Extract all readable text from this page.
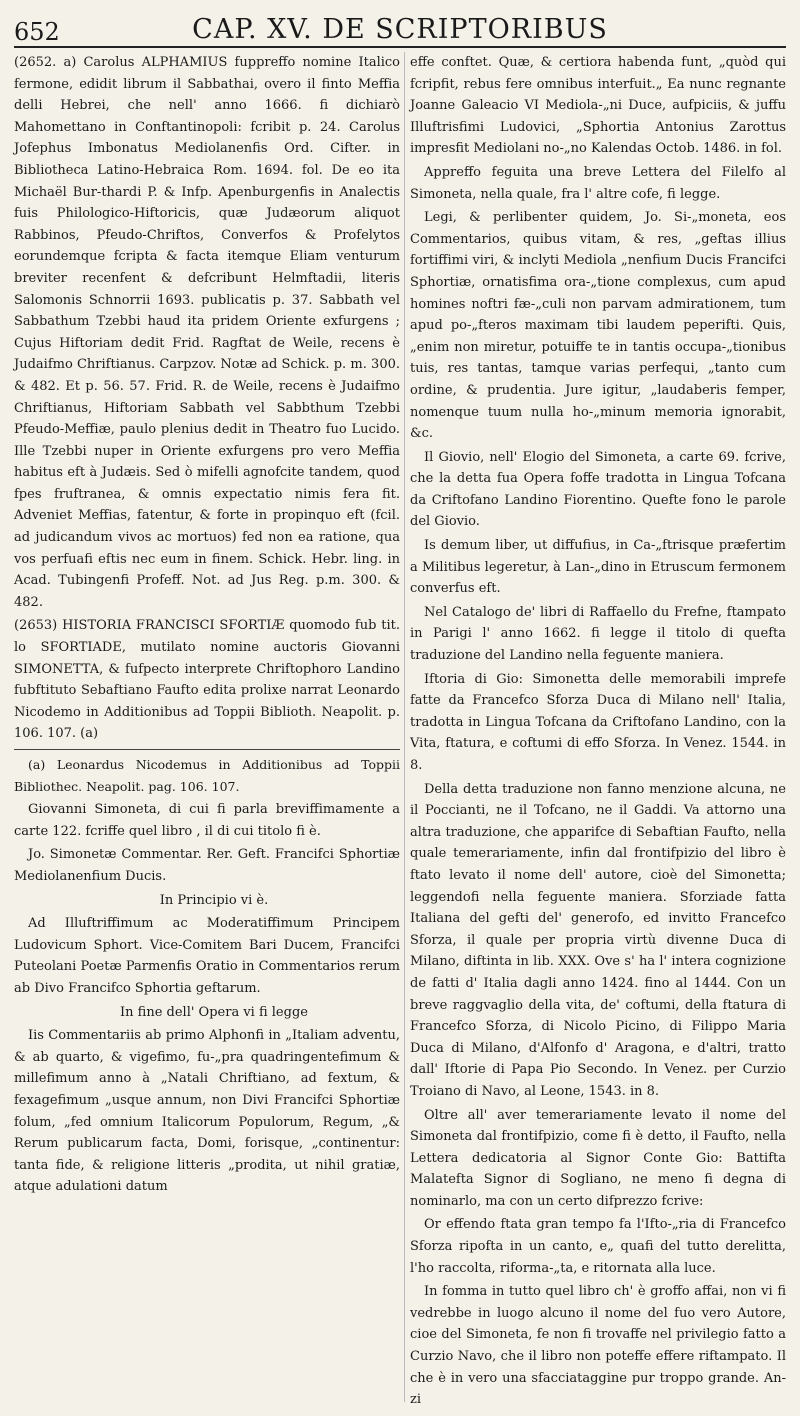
652	CAP. XV. DE SCRIPTORIBUS

(2652. a) Carolus ALPHAMIUS fuppreffo nomine Italico fermone, edidit librum il Sabbathai, overo il finto Meffia delli Hebrei, che nell' anno 1666. fi dichiarò Mahomettano in Conftantinopoli: fcribit p. 24. Carolus Jofephus Imbonatus Mediolanenfis Ord. Cifter. in Bibliotheca Latino-Hebraica Rom. 1694. fol. De eo ita Michaël Bur-thardi P. & Infp. Apenburgenfis in Analectis fuis Philologico-Hiftoricis, quæ Judæorum aliquot Rabbinos, Pfeudo-Chriftos, Converfos & Profelytos eorundemque fcripta & facta itemque Eliam venturum breviter recenfent & defcribunt Helmftadii, literis Salomonis Schnorrii 1693. publicatis p. 37. Sabbath vel Sabbathum Tzebbi haud ita pridem Oriente exfurgens ; Cujus Hiftoriam dedit Frid. Ragftat de Weile, recens è Judaifmo Chriftianus. Carpzov. Notæ ad Schick. p. m. 300. & 482. Et p. 56. 57. Frid. R. de Weile, recens è Judaifmo Chriftianus, Hiftoriam Sabbath vel Sabbthum Tzebbi Pfeudo-Meffiæ, paulo plenius dedit in Theatro fuo Lucido. Ille Tzebbi nuper in Oriente exfurgens pro vero Meffia habitus eft à Judæis. Sed ò mifelli agnofcite tandem, quod fpes fruftranea, & omnis expectatio nimis fera fit. Adveniet Meffias, fatentur, & forte in propinquo eft (fcil. ad judicandum vivos ac mortuos) fed non ea ratione, qua vos perfuafi eftis nec eum in finem. Schick. Hebr. ling. in Acad. Tubingenfi Profeff. Not. ad Jus Reg. p.m. 300. & 482.

(2653) HISTORIA FRANCISCI SFORTIÆ quomodo fub tit. lo SFORTIADE, mutilato nomine auctoris Giovanni SIMONETTA, & fufpecto interprete Chriftophoro Landino fubftituto Sebaftiano Faufto edita prolixe narrat Leonardo Nicodemo in Additionibus ad Toppii Biblioth. Neapolit. p. 106. 107. (a)

(a) Leonardus Nicodemus in Additionibus ad Toppii Bibliothec. Neapolit. pag. 106. 107.

Giovanni Simoneta, di cui fi parla breviffimamente a carte 122. fcriffe quel libro , il di cui titolo fi è.

Jo. Simonetæ Commentar. Rer. Geft. Francifci Sphortiæ Mediolanenfium Ducis.

In Principio vi è.

Ad Illuftriffimum ac Moderatiffimum Principem Ludovicum Sphort. Vice-Comitem Bari Ducem, Francifci Puteolani Poetæ Parmenfis Oratio in Commentarios rerum ab Divo Francifco Sphortia geftarum.

In fine dell' Opera vi fi legge

Iis Commentariis ab primo Alphonfi in „Italiam adventu, & ab quarto, & vigefimo, fu-„pra quadringentefimum & millefimum anno à „Natali Chriftiano, ad fextum, & fexagefimum „usque annum, non Divi Francifci Sphortiæ folum, „fed omnium Italicorum Populorum, Regum, „& Rerum publicarum facta, Domi, forisque, „continentur: tanta fide, & religione litteris „prodita, ut nihil gratiæ, atque adulationi datum

effe conftet. Quæ, & certiora habenda funt, „quòd qui fcripfit, rebus fere omnibus interfuit.„ Ea nunc regnante Joanne Galeacio VI Mediola-„ni Duce, aufpiciis, & juffu Illuftrisfimi Ludovici, „Sphortia Antonius Zarottus impresfit Mediolani no-„no Kalendas Octob. 1486. in fol.

Appreffo feguita una breve Lettera del Filelfo al Simoneta, nella quale, fra l' altre cofe, fi legge.

Legi, & perlibenter quidem, Jo. Si-„moneta, eos Commentarios, quibus vitam, & res, „geftas illius fortiffimi viri, & inclyti Mediola „nenfium Ducis Francifci Sphortiæ, ornatisfima ora-„tione complexus, cum apud homines noftri fæ-„culi non parvam admirationem, tum apud po-„fteros maximam tibi laudem peperifti. Quis, „enim non miretur, potuiffe te in tantis occupa-„tionibus tuis, res tantas, tamque varias perfequi, „tanto cum ordine, & prudentia. Jure igitur, „laudaberis femper, nomenque tuum nulla ho-„minum memoria ignorabit, &c.

Il Giovio, nell' Elogio del Simoneta, a carte 69. fcrive, che la detta fua Opera foffe tradotta in Lingua Tofcana da Criftofano Landino Fiorentino. Quefte fono le parole del Giovio.

Is demum liber, ut diffufius, in Ca-„ftrisque præfertim a Militibus legeretur, à Lan-„dino in Etruscum fermonem converfus eft.

Nel Catalogo de' libri di Raffaello du Frefne, ftampato in Parigi l' anno 1662. fi legge il titolo di quefta traduzione del Landino nella feguente maniera.

Iftoria di Gio: Simonetta delle memorabili imprefe fatte da Francefco Sforza Duca di Milano nell' Italia, tradotta in Lingua Tofcana da Criftofano Landino, con la Vita, ftatura, e coftumi di effo Sforza. In Venez. 1544. in 8.

Della detta traduzione non fanno menzione alcuna, ne il Poccianti, ne il Tofcano, ne il Gaddi. Va attorno una altra traduzione, che apparifce di Sebaftian Faufto, nella quale temerariamente, infin dal frontifpizio del libro è ftato levato il nome dell' autore, cioè del Simonetta; leggendofi nella feguente maniera. Sforziade fatta Italiana del gefti del' generofo, ed invitto Francefco Sforza, il quale per propria virtù divenne Duca di Milano, diftinta in lib. XXX. Ove s' ha l' intera cognizione de fatti d' Italia dagli anno 1424. fino al 1444. Con un breve raggvaglio della vita, de' coftumi, della ftatura di Francefco Sforza, di Nicolo Picino, di Filippo Maria Duca di Milano, d'Alfonfo d' Aragona, e d'altri, tratto dall' Iftorie di Papa Pio Secondo. In Venez. per Curzio Troiano di Navo, al Leone, 1543. in 8.

Oltre all' aver temerariamente levato il nome del Simoneta dal frontifpizio, come fi è detto, il Faufto, nella Lettera dedicatoria al Signor Conte Gio: Battifta Malatefta Signor di Sogliano, ne meno fi degna di nominarlo, ma con un certo difprezzo fcrive:

Or effendo ftata gran tempo fa l'Ifto-„ria di Francefco Sforza ripofta in un canto, e„ quafi del tutto derelitta, l'ho raccolta, riforma-„ta, e ritornata alla luce.

In fomma in tutto quel libro ch' è groffo affai, non vi fi vedrebbe in luogo alcuno il nome del fuo vero Autore, cioe del Simoneta, fe non fi trovaffe nel privilegio fatto a Curzio Navo, che il libro non poteffe effere riftampato. Il che è in vero una sfacciataggine pur troppo grande. An-zi
